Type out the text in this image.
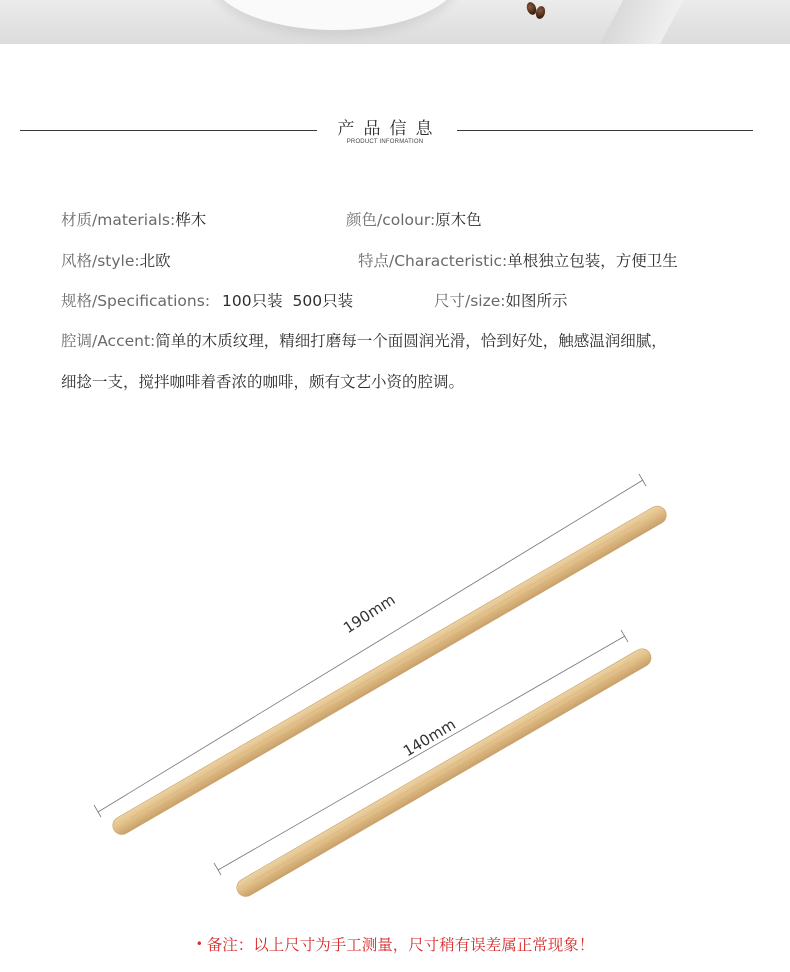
产品信息
PRODUCT INFORMATION
材质/materials:桦木	颜色/colour:原木色
风格/style:北欧	特点/Characteristic:单根独立包装，方便卫生
规格/Specifications: 100只装  500只装	尺寸/size:如图所示
腔调/Accent:简单的木质纹理，精细打磨每一个面圆润光滑，恰到好处，触感温润细腻，
细捻一支，搅拌咖啡着香浓的咖啡，颇有文艺小资的腔调。
190mm
140mm
• 备注：以上尺寸为手工测量，尺寸稍有误差属正常现象！
